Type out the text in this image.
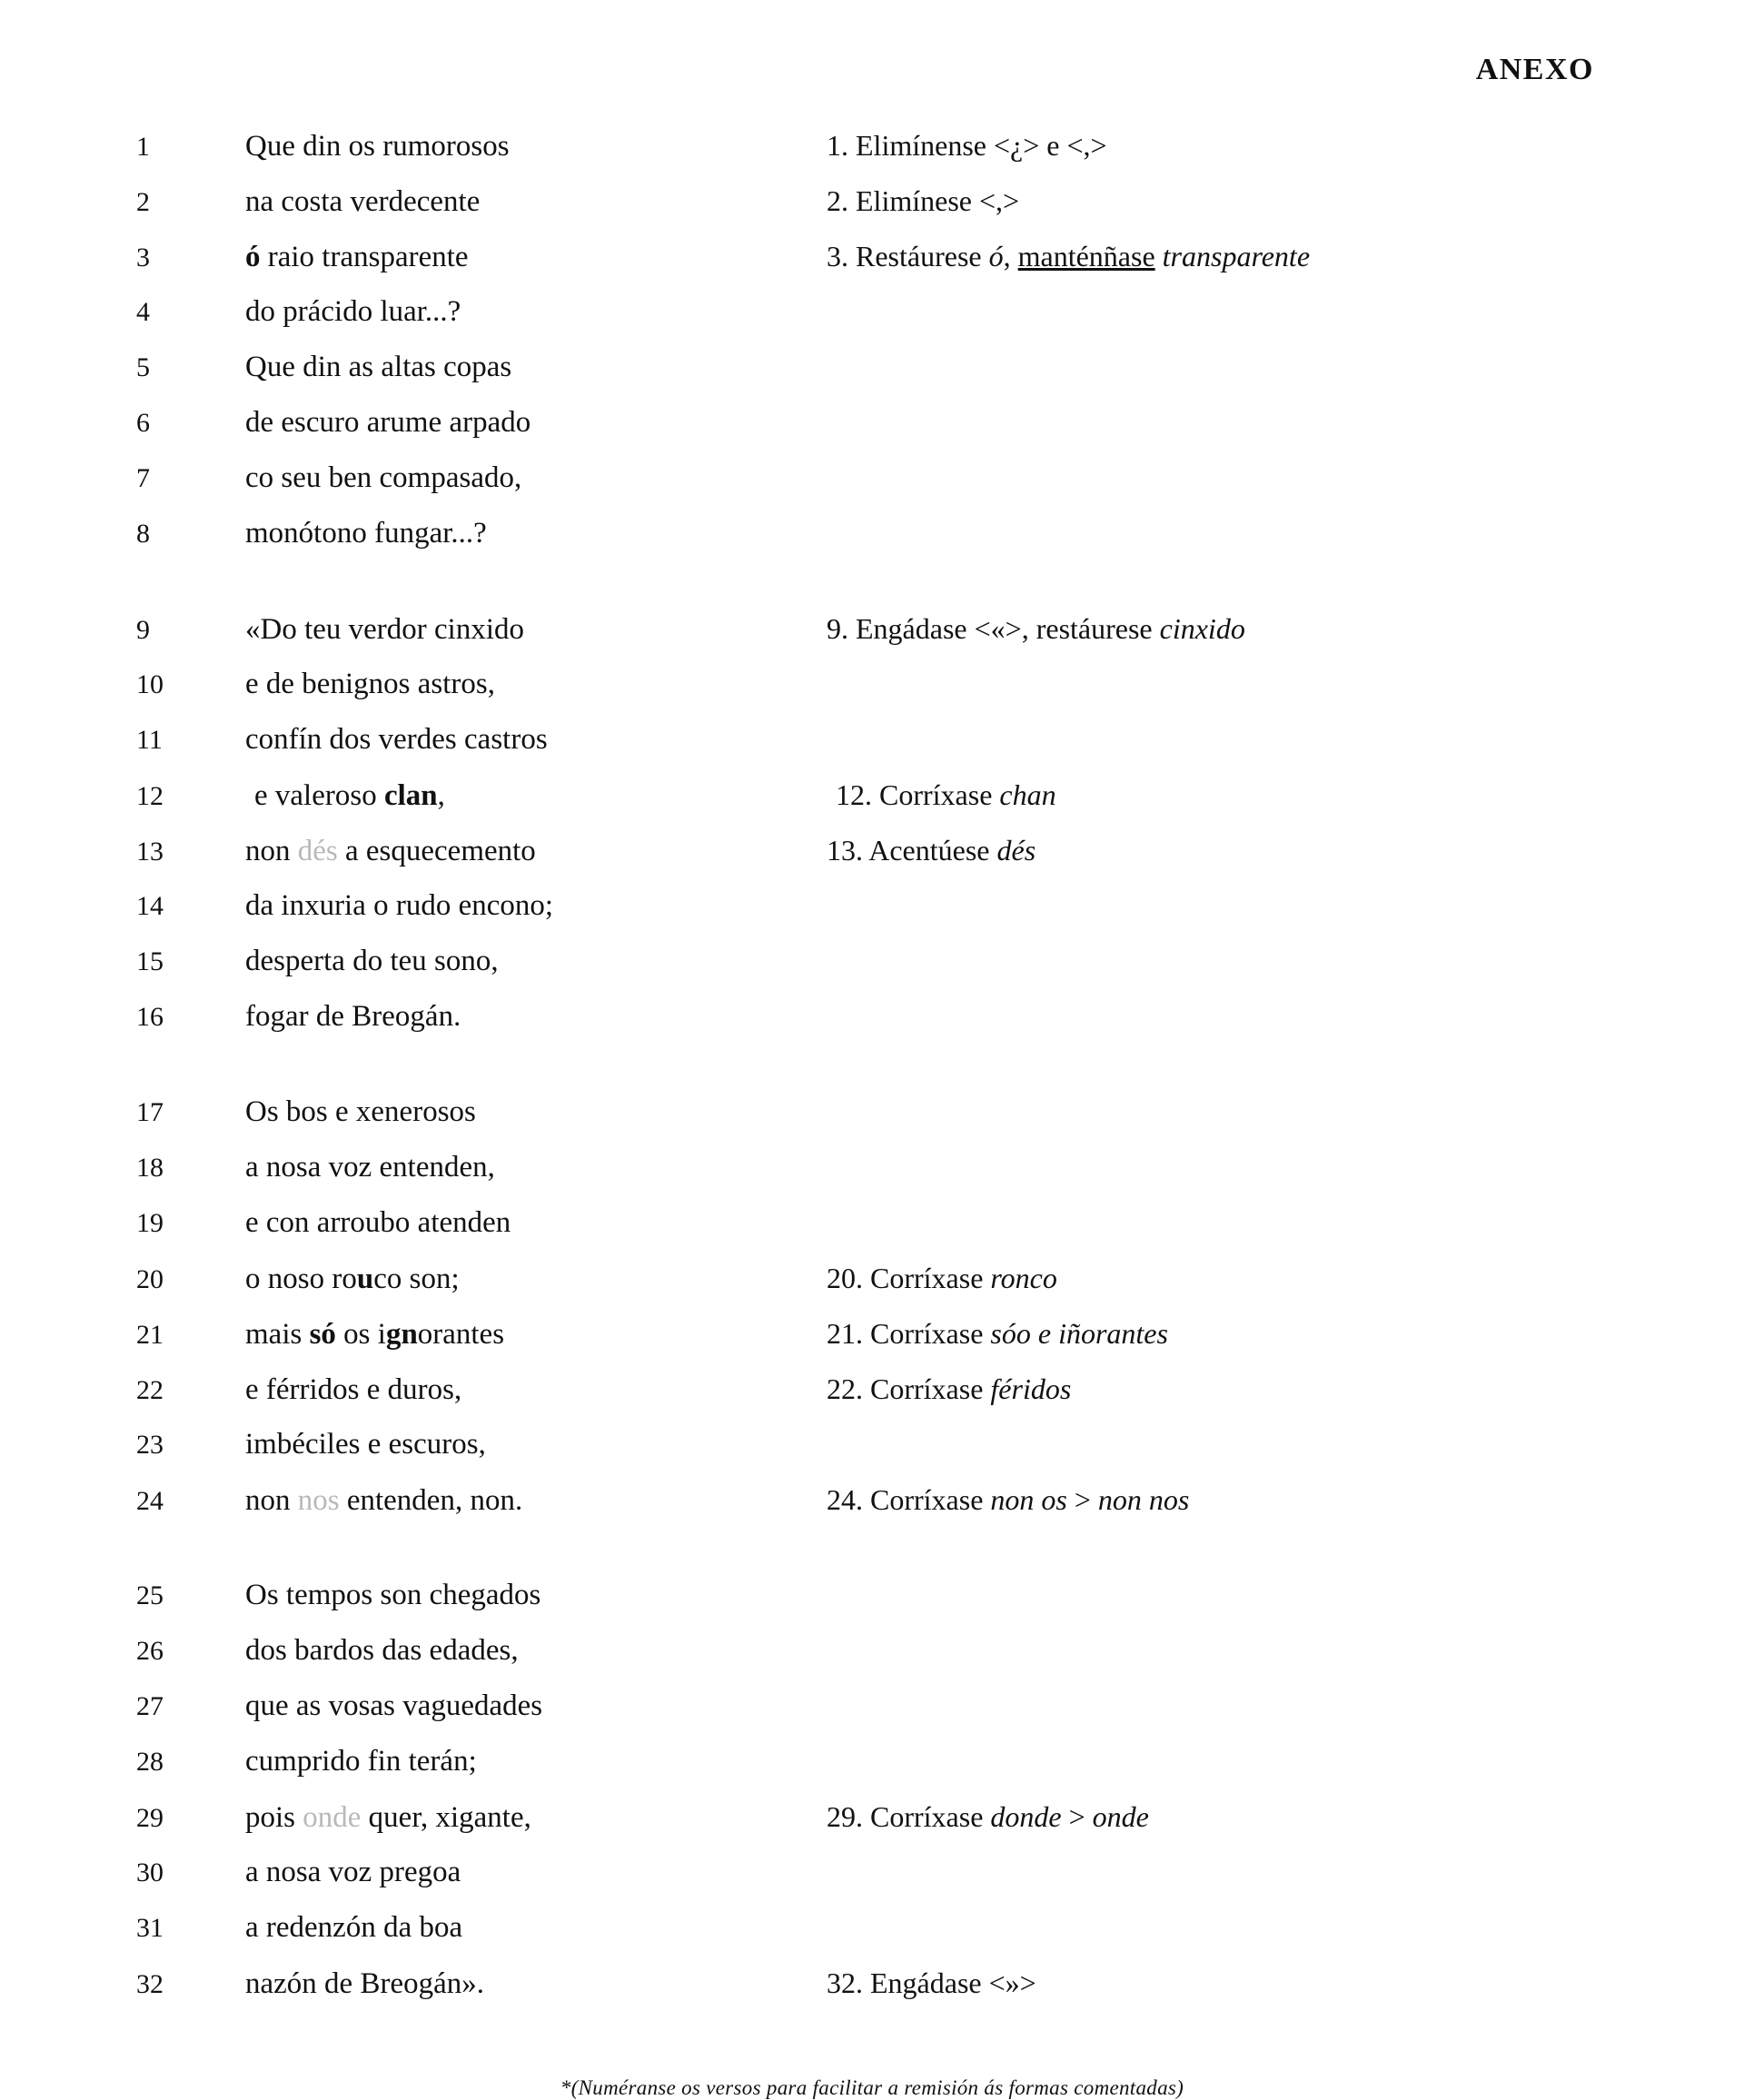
ANEXO
1	Que din os rumorosos	1. Elimínense <¿> e <,>
2	na costa verdecente	2. Elimínese <,>
3	ó raio transparente	3. Restáurese ó, manténñase transparente
4	do prácido luar...?
5	Que din as altas copas
6	de escuro arume arpado
7	co seu ben compasado,
8	monótono fungar...?
9	«Do teu verdor cinxido	9. Engádase <«>, restáurese cinxido
10	e de benignos astros,
11	confín dos verdes castros
12	e valeroso clan,	12. Corríxase chan
13	non dés a esquecemento	13. Acentúese dés
14	da inxuria o rudo encono;
15	desperta do teu sono,
16	fogar de Breogán.
17	Os bos e xenerosos
18	a nosa voz entenden,
19	e con arroubo atenden
20	o noso rouco son;	20. Corríxase ronco
21	mais só os ignorantes	21. Corríxase sóo e iñorantes
22	e férridos e duros,	22. Corríxase féridos
23	imbéciles e escuros,
24	non nos entenden, non.	24. Corríxase non os > non nos
25	Os tempos son chegados
26	dos bardos das edades,
27	que as vosas vaguedades
28	cumprido fin terán;
29	pois onde quer, xigante,	29. Corríxase donde > onde
30	a nosa voz pregoa
31	a redenzón da boa
32	nazón de Breogán».	32. Engádase <»>
*(Numéranse os versos para facilitar a remisión ás formas comentadas)
